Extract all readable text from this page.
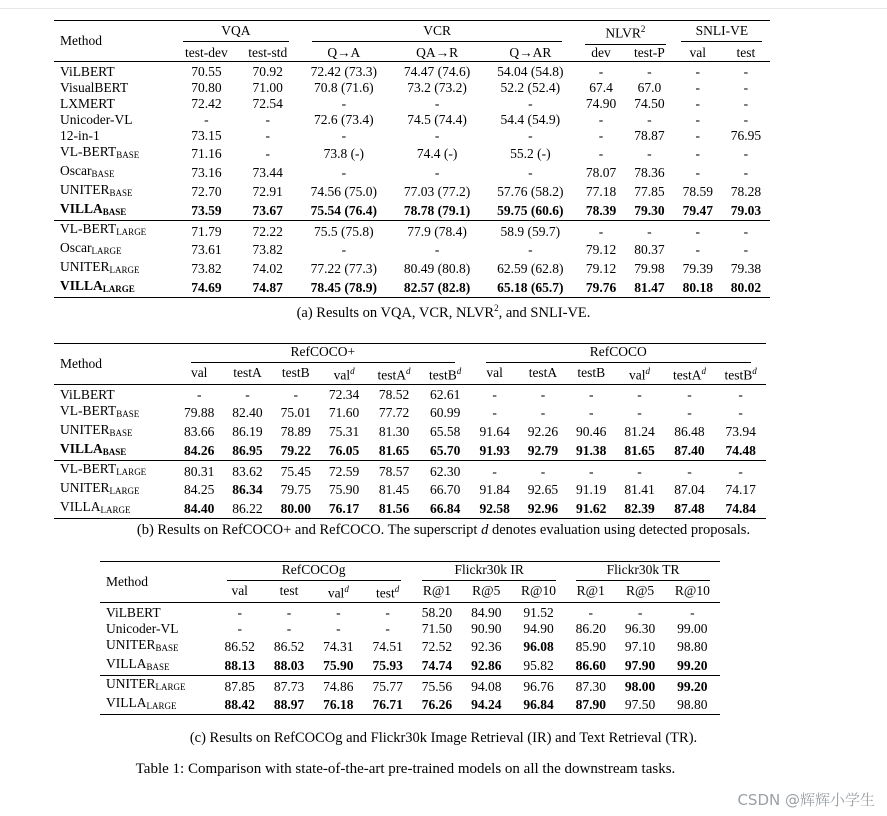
Method	VQA		VCR			NLVR$^2$		SNLI-VE	
	test-dev	test-std	Q→A	QA→R	Q→AR	dev	test-P	val	test
ViLBERT	70.55	70.92	72.42 (73.3)	74.47 (74.6)	54.04 (54.8)	-	-	-	-
VisualBERT	70.80	71.00	70.8 (71.6)	73.2 (73.2)	52.2 (52.4)	67.4	67.0	-	-
LXMERT	72.42	72.54	-	-	-	74.90	74.50	-	-
Unicoder-VL	-	-	72.6 (73.4)	74.5 (74.4)	54.4 (54.9)	-	-	-	-
12-in-1	73.15	-	-	-	-	-	78.87	-	76.95
$VL-BERT_{BASE}$	71.16	-	73.8 (-)	74.4 (-)	55.2 (-)	-	-	-	-
Oscar$_{BASE}$	73.16	73.44	-	-	-	78.07	78.36	-	-
$UNITER_{BASE}$	72.70	72.91	74.56 (75.0)	77.03 (77.2)	57.76 (58.2)	77.18	77.85	78.59	78.28
$VILLA_{BASE}$	73.59	73.67	75.54 (76.4)	78.78 (79.1)	59.75 (60.6)	78.39	79.30	79.47	79.03
$VL-BERT_{LARGE}$	71.79	72.22	75.5 (75.8)	77.9 (78.4)	58.9 (59.7)	-	-	-	-
Oscar$_{LARGE}$	73.61	73.82	-	-	-	79.12	80.37	-	-
$UNITER_{LARGE}$	73.82	74.02	77.22 (77.3)	80.49 (80.8)	62.59 (62.8)	79.12	79.98	79.39	79.38
$VILLA_{LARGE}$	74.69	74.87	78.45 (78.9)	82.57 (82.8)	65.18 (65.7)	79.76	81.47	80.18	80.02
(a) Results on VQA, VCR, NLVR$^2$, and SNLI-VE.
Method	RefCOCO+						RefCOCO					
	val	testA	testB	val$^d$	testA$^d$	testB$^d$	val	testA	testB	val$^d$	testA$^d$	testB$^d$
ViLBERT	-	-	-	72.34	78.52	62.61	-	-	-	-	-	-
$VL-BERT_{BASE}$	79.88	82.40	75.01	71.60	77.72	60.99	-	-	-	-	-	-
$UNITER_{BASE}$	83.66	86.19	78.89	75.31	81.30	65.58	91.64	92.26	90.46	81.24	86.48	73.94
$VILLA_{BASE}$	84.26	86.95	79.22	76.05	81.65	65.70	91.93	92.79	91.38	81.65	87.40	74.48
$VL-BERT_{LARGE}$	80.31	83.62	75.45	72.59	78.57	62.30	-	-	-	-	-	-
$UNITER_{LARGE}$	84.25	86.34	79.75	75.90	81.45	66.70	91.84	92.65	91.19	81.41	87.04	74.17
$VILLA_{LARGE}$	84.40	86.22	80.00	76.17	81.56	66.84	92.58	92.96	91.62	82.39	87.48	74.84
(b) Results on RefCOCO+ and RefCOCO. The superscript d denotes evaluation using detected proposals.
Method	RefCOCOg				Flickr30k IR			Flickr30k TR		
	val	test	val$^d$	test$^d$	R@1	R@5	R@10	R@1	R@5	R@10
ViLBERT	-	-	-	-	58.20	84.90	91.52	-	-	-
Unicoder-VL	-	-	-	-	71.50	90.90	94.90	86.20	96.30	99.00
$UNITER_{BASE}$	86.52	86.52	74.31	74.51	72.52	92.36	96.08	85.90	97.10	98.80
$VILLA_{BASE}$	88.13	88.03	75.90	75.93	74.74	92.86	95.82	86.60	97.90	99.20
$UNITER_{LARGE}$	87.85	87.73	74.86	75.77	75.56	94.08	96.76	87.30	98.00	99.20
$VILLA_{LARGE}$	88.42	88.97	76.18	76.71	76.26	94.24	96.84	87.90	97.50	98.80
(c) Results on RefCOCOg and Flickr30k Image Retrieval (IR) and Text Retrieval (TR).
Table 1: Comparison with state-of-the-art pre-trained models on all the downstream tasks.
CSDN @辉辉小学生
